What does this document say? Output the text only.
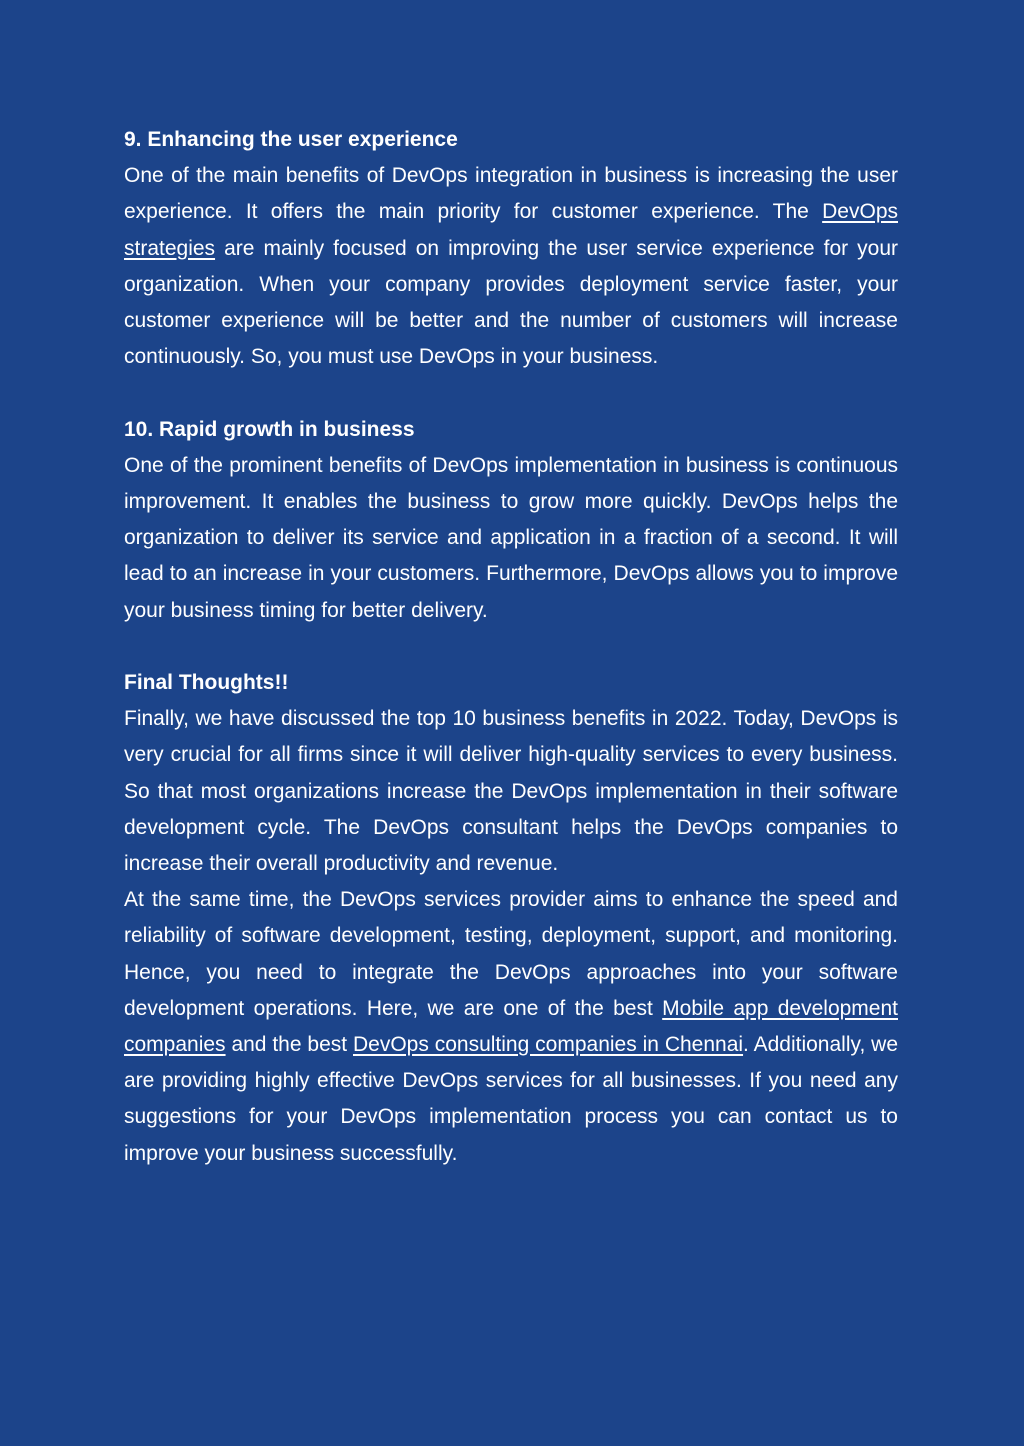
9. Enhancing the user experience

One of the main benefits of DevOps integration in business is increasing the user experience. It offers the main priority for customer experience. The DevOps strategies are mainly focused on improving the user service experience for your organization. When your company provides deployment service faster, your customer experience will be better and the number of customers will increase continuously. So, you must use DevOps in your business.

10. Rapid growth in business

One of the prominent benefits of DevOps implementation in business is continuous improvement. It enables the business to grow more quickly. DevOps helps the organization to deliver its service and application in a fraction of a second. It will lead to an increase in your customers. Furthermore, DevOps allows you to improve your business timing for better delivery.

Final Thoughts!!

Finally, we have discussed the top 10 business benefits in 2022. Today, DevOps is very crucial for all firms since it will deliver high-quality services to every business. So that most organizations increase the DevOps implementation in their software development cycle. The DevOps consultant helps the DevOps companies to increase their overall productivity and revenue.

At the same time, the DevOps services provider aims to enhance the speed and reliability of software development, testing, deployment, support, and monitoring. Hence, you need to integrate the DevOps approaches into your software development operations. Here, we are one of the best Mobile app development companies and the best DevOps consulting companies in Chennai. Additionally, we are providing highly effective DevOps services for all businesses. If you need any suggestions for your DevOps implementation process you can contact us to improve your business successfully.
